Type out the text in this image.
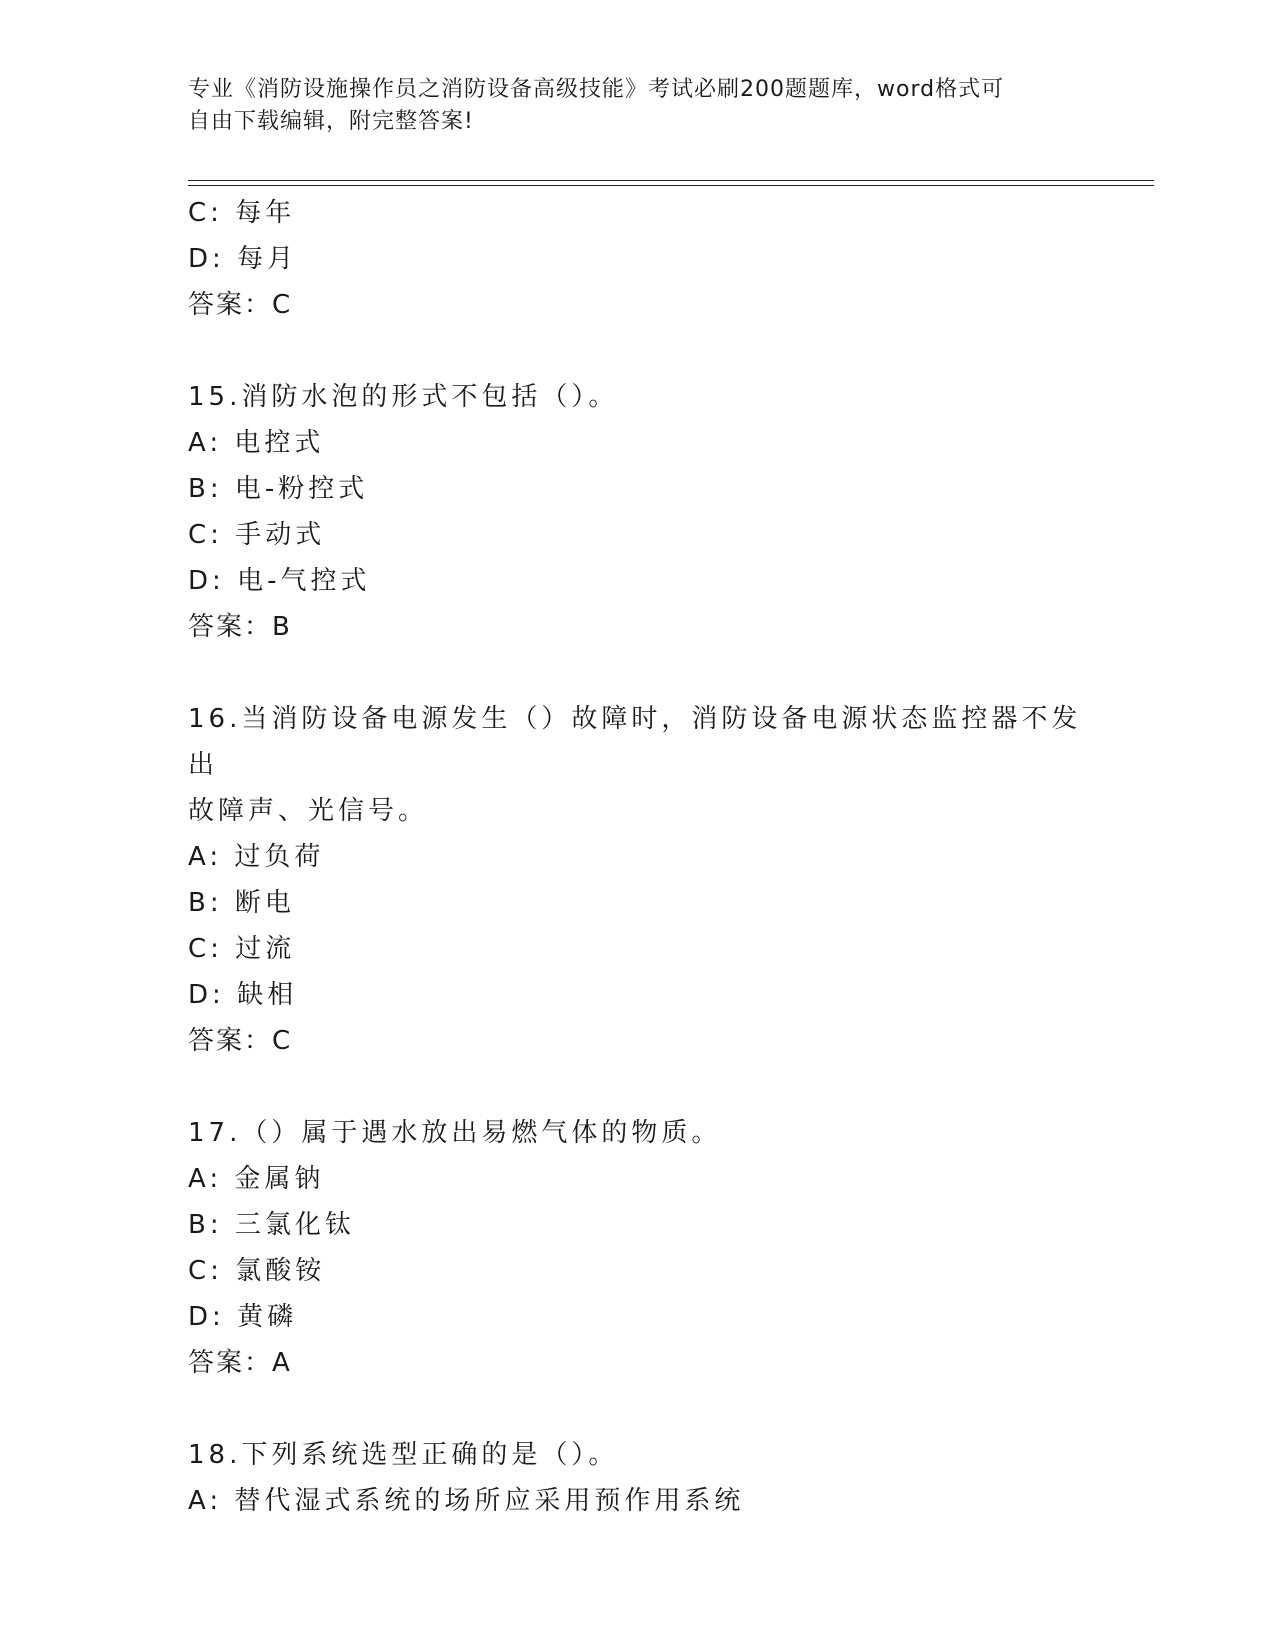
专业《消防设施操作员之消防设备高级技能》考试必刷200题题库，word格式可
自由下载编辑，附完整答案!
C: 每年
D: 每月
答案：C
15.消防水泡的形式不包括（）。
A: 电控式
B: 电-粉控式
C: 手动式
D: 电-气控式
答案：B
16.当消防设备电源发生（）故障时，消防设备电源状态监控器不发出
故障声、光信号。
A: 过负荷
B: 断电
C: 过流
D: 缺相
答案：C
17.（）属于遇水放出易燃气体的物质。
A: 金属钠
B: 三氯化钛
C: 氯酸铵
D: 黄磷
答案：A
18.下列系统选型正确的是（）。
A: 替代湿式系统的场所应采用预作用系统
